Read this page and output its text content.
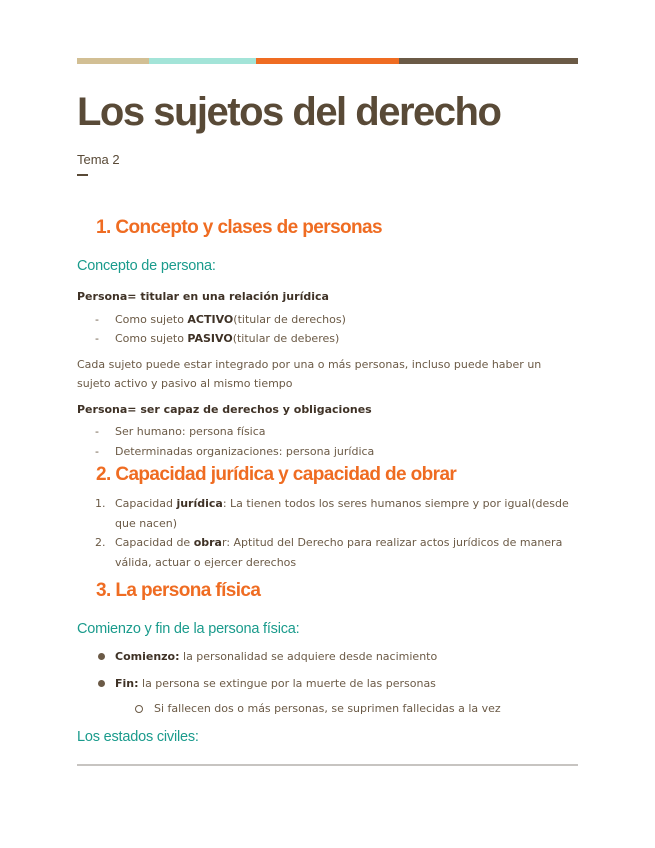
Los sujetos del derecho
Tema 2
1. Concepto y clases de personas
Concepto de persona:
Persona= titular en una relación jurídica
- Como sujeto ACTIVO(titular de derechos)
- Como sujeto PASIVO(titular de deberes)
Cada sujeto puede estar integrado por una o más personas, incluso puede haber un sujeto activo y pasivo al mismo tiempo
Persona= ser capaz de derechos y obligaciones
- Ser humano: persona física
- Determinadas organizaciones: persona jurídica
2. Capacidad jurídica y capacidad de obrar
1. Capacidad jurídica: La tienen todos los seres humanos siempre y por igual(desde que nacen)
2. Capacidad de obrar: Aptitud del Derecho para realizar actos jurídicos de manera válida, actuar o ejercer derechos
3. La persona física
Comienzo y fin de la persona física:
Comienzo: la personalidad se adquiere desde nacimiento
Fin: la persona se extingue por la muerte de las personas
Si fallecen dos o más personas, se suprimen fallecidas a la vez
Los estados civiles:
